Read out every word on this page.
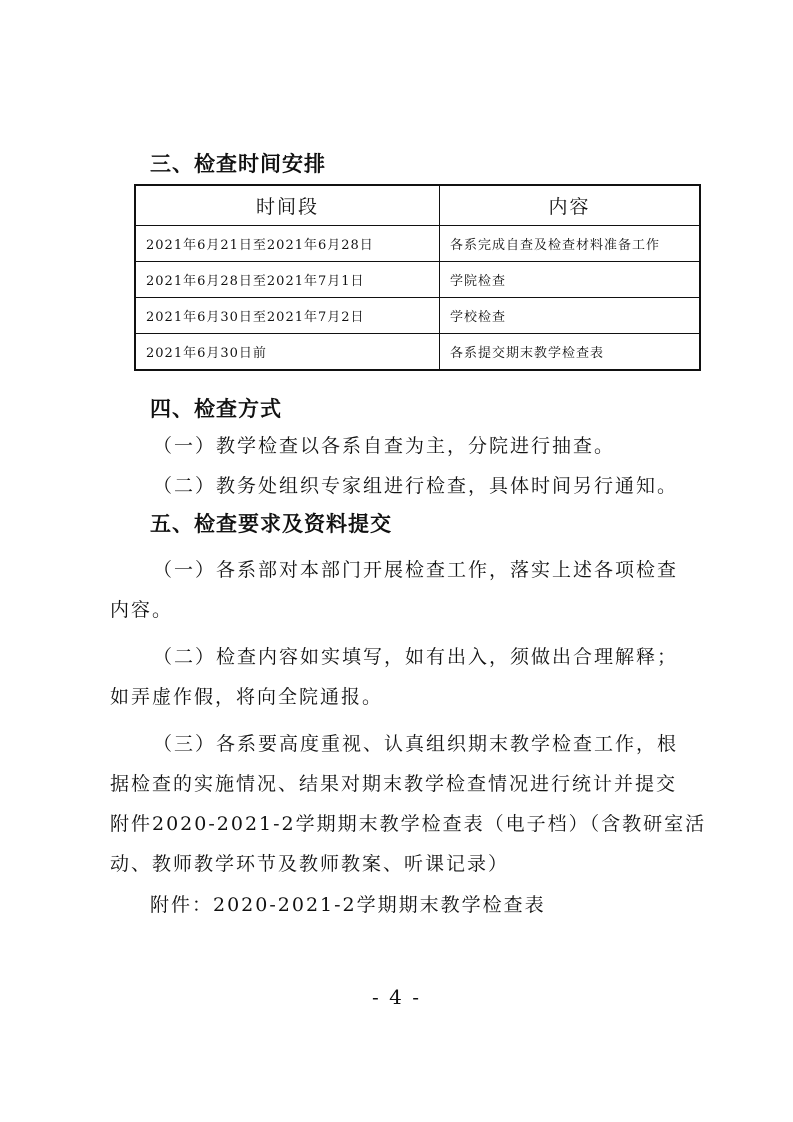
三、检查时间安排
时间段	内容
2021年6月21日至2021年6月28日	各系完成自查及检查材料准备工作
2021年6月28日至2021年7月1日	学院检查
2021年6月30日至2021年7月2日	学校检查
2021年6月30日前	各系提交期末教学检查表
四、检查方式
（一）教学检查以各系自查为主，分院进行抽查。
（二）教务处组织专家组进行检查，具体时间另行通知。
五、检查要求及资料提交
（一）各系部对本部门开展检查工作，落实上述各项检查
内容。
（二）检查内容如实填写，如有出入，须做出合理解释；
如弄虚作假，将向全院通报。
（三）各系要高度重视、认真组织期末教学检查工作，根
据检查的实施情况、结果对期末教学检查情况进行统计并提交
附件2020-2021-2学期期末教学检查表（电子档）（含教研室活
动、教师教学环节及教师教案、听课记录）
附件：2020-2021-2学期期末教学检查表
- 4 -
